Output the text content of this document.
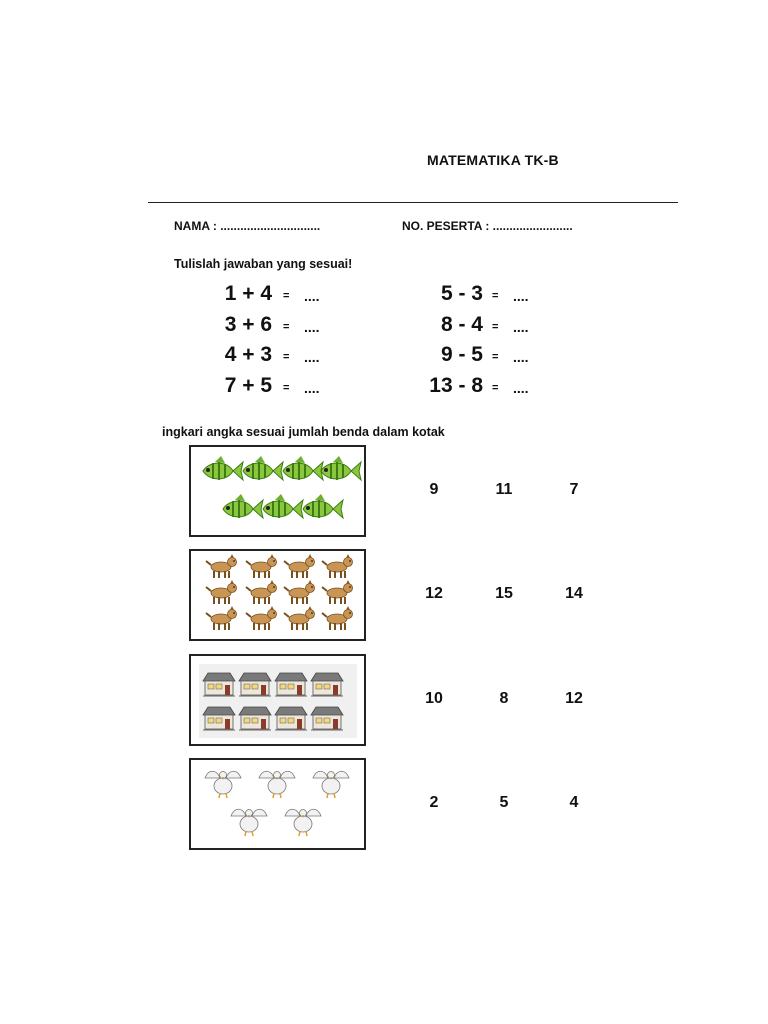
MATEMATIKA TK-B
NAMA : ..............................	NO. PESERTA : ........................
Tulislah jawaban yang sesuai!
1 + 4 = ....
3 + 6 = ....
4 + 3 = ....
7 + 5 = ....
5 - 3 = ....
8 - 4 = ....
9 - 5 = ....
13 - 8 = ....
ingkari angka sesuai jumlah benda dalam kotak
9	11	7
12	15	14
10	8	12
2	5	4
